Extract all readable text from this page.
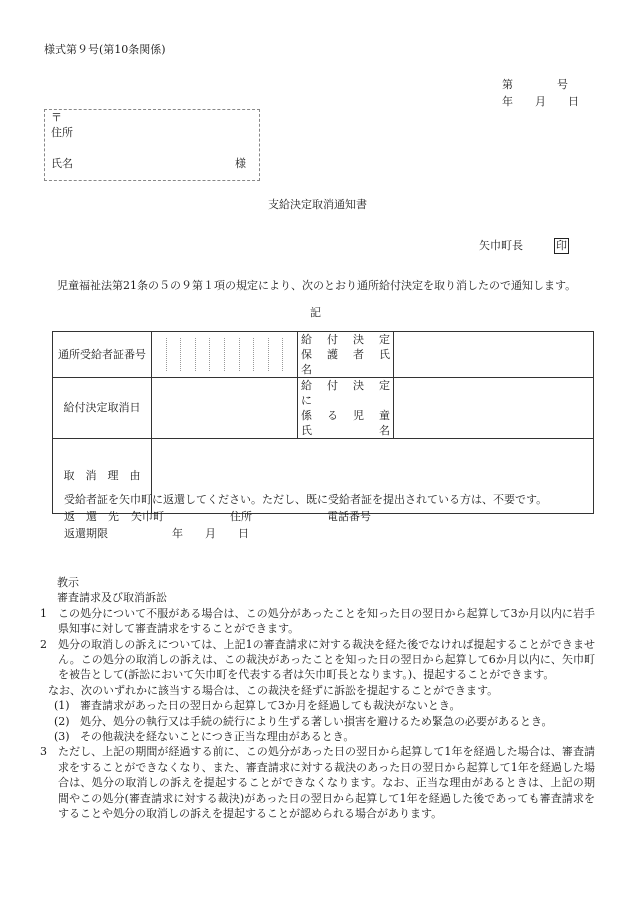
様式第９号(第10条関係)
第　　　　号
年　　月　　日
〒
住所
氏名	様
支給決定取消通知書
矢巾町長	印
児童福祉法第21条の５の９第１項の規定により、次のとおり通所給付決定を取り消したので通知します。
記
通所受給者証番号		給　付　決　定
保　護　者　氏　名	

給付決定取消日		給　付　決　定　に
係　る　児　童　氏　名	

取　消　理　由			
受給者証を矢巾町に返還してください。ただし、既に受給者証を提出されている方は、不要です。
返　還　先 矢巾町	住所	電話番号
返還期限	年　　月　　日
教示
審査請求及び取消訴訟
1	この処分について不服がある場合は、この処分があったことを知った日の翌日から起算して3か月以内に岩手県知事に対して審査請求をすることができます。
2	処分の取消しの訴えについては、上記1の審査請求に対する裁決を経た後でなければ提起することができません。この処分の取消しの訴えは、この裁決があったことを知った日の翌日から起算して6か月以内に、矢巾町を被告として(訴訟において矢巾町を代表する者は矢巾町長となります。)、提起することができます。
なお、次のいずれかに該当する場合は、この裁決を経ずに訴訟を提起することができます。
(1) 審査請求があった日の翌日から起算して3か月を経過しても裁決がないとき。
(2) 処分、処分の執行又は手続の続行により生ずる著しい損害を避けるため緊急の必要があるとき。
(3) その他裁決を経ないことにつき正当な理由があるとき。
3	ただし、上記の期間が経過する前に、この処分があった日の翌日から起算して1年を経過した場合は、審査請求をすることができなくなり、また、審査請求に対する裁決のあった日の翌日から起算して1年を経過した場合は、処分の取消しの訴えを提起することができなくなります。なお、正当な理由があるときは、上記の期間やこの処分(審査請求に対する裁決)があった日の翌日から起算して1年を経過した後であっても審査請求をすることや処分の取消しの訴えを提起することが認められる場合があります。
